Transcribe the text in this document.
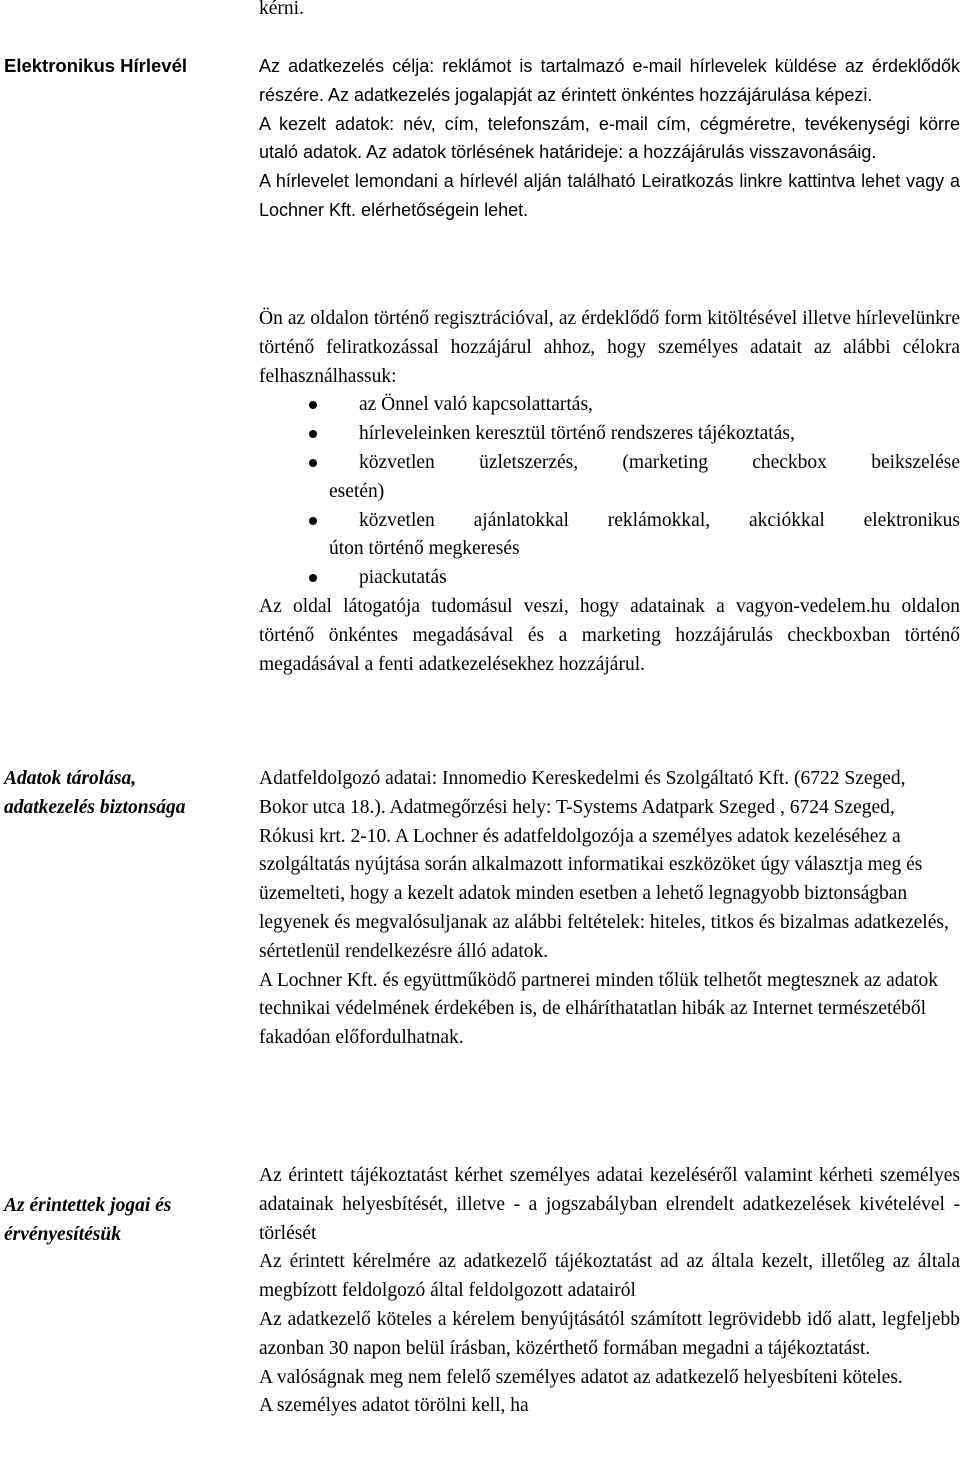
kérni.

Elektronikus Hírlevél	Az adatkezelés célja: reklámot is tartalmazó e-mail hírlevelek küldése az érdeklődők részére. Az adatkezelés jogalapját az érintett önkéntes hozzájárulása képezi.

A kezelt adatok: név, cím, telefonszám, e-mail cím, cégméretre, tevékenységi körre utaló adatok. Az adatok törlésének határideje: a hozzájárulás visszavonásáig.

A hírlevelet lemondani a hírlevél alján található Leiratkozás linkre kattintva lehet vagy a Lochner Kft. elérhetőségein lehet.

Ön az oldalon történő regisztrációval, az érdeklődő form kitöltésével illetve hírlevelünkre történő feliratkozással hozzájárul ahhoz, hogy személyes adatait az alábbi célokra felhasználhassuk:

az Önnel való kapcsolattartás,
hírleveleinken keresztül történő rendszeres tájékoztatás,
közvetlen üzletszerzés, (marketing checkbox beikszelése
esetén)
közvetlen ajánlatokkal reklámokkal, akciókkal elektronikus
úton történő megkeresés
piackutatás

Az oldal látogatója tudomásul veszi, hogy adatainak a vagyon-vedelem.hu oldalon történő önkéntes megadásával és a marketing hozzájárulás checkboxban történő megadásával a fenti adatkezelésekhez hozzájárul.

Adatok tárolása, adatkezelés biztonsága

Adatfeldolgozó adatai: Innomedio Kereskedelmi és Szolgáltató Kft. (6722 Szeged, Bokor utca 18.). Adatmegőrzési hely: T-Systems Adatpark Szeged , 6724 Szeged, Rókusi krt. 2-10. A Lochner és adatfeldolgozója a személyes adatok kezeléséhez a szolgáltatás nyújtása során alkalmazott informatikai eszközöket úgy választja meg és üzemelteti, hogy a kezelt adatok minden esetben a lehető legnagyobb biztonságban legyenek és megvalósuljanak az alábbi feltételek: hiteles, titkos és bizalmas adatkezelés, sértetlenül rendelkezésre álló adatok.

A Lochner Kft. és együttműködő partnerei minden tőlük telhetőt megtesznek az adatok technikai védelmének érdekében is, de elháríthatatlan hibák az Internet természetéből fakadóan előfordulhatnak.

Az érintettek jogai és érvényesítésük

Az érintett tájékoztatást kérhet személyes adatai kezeléséről valamint kérheti személyes adatainak helyesbítését, illetve - a jogszabályban elrendelt adatkezelések kivételével - törlését

Az érintett kérelmére az adatkezelő tájékoztatást ad az általa kezelt, illetőleg az általa megbízott feldolgozó által feldolgozott adatairól

Az adatkezelő köteles a kérelem benyújtásától számított legrövidebb idő alatt, legfeljebb azonban 30 napon belül írásban, közérthető formában megadni a tájékoztatást.

A valóságnak meg nem felelő személyes adatot az adatkezelő helyesbíteni köteles.

A személyes adatot törölni kell, ha
